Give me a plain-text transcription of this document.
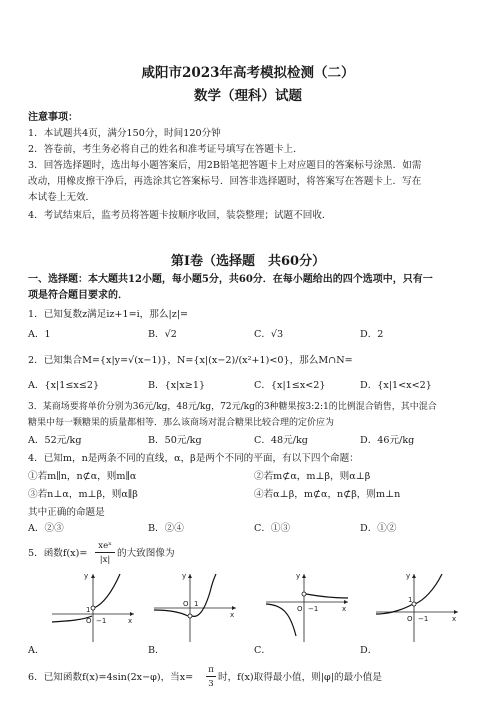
咸阳市2023年高考模拟检测（二）
数学（理科）试题
注意事项：
1．本试题共4页，满分150分，时间120分钟
2．答卷前，考生务必将自己的姓名和准考证号填写在答题卡上．
3．回答选择题时，选出每小题答案后，用2B铅笔把答题卡上对应题目的答案标号涂黑．如需
改动，用橡皮擦干净后，再选涂其它答案标号．回答非选择题时，将答案写在答题卡上．写在
本试卷上无效．
4．考试结束后，监考员将答题卡按顺序收回，装袋整理；试题不回收．
第Ⅰ卷（选择题　共60分）
一、选择题：本大题共12小题，每小题5分，共60分．在每小题给出的四个选项中，只有一
项是符合题目要求的．
1．已知复数z满足iz+1=i，那么|z|=
A．1	B．√2	C．√3	D．2
2．已知集合M={x|y=√(x−1)}，N={x|(x−2)/(x²+1)<0}，那么M∩N=
A．{x|1≤x≤2}	B．{x|x≥1}	C．{x|1≤x<2}	D．{x|1<x<2}
3．某商场要将单价分别为36元/kg，48元/kg，72元/kg的3种糖果按3:2:1的比例混合销售，其中混合
糖果中每一颗糖果的质量都相等．那么该商场对混合糖果比较合理的定价应为
A．52元/kg	B．50元/kg	C．48元/kg	D．46元/kg
4．已知m，n是两条不同的直线，α，β是两个不同的平面，有以下四个命题：
①若m∥n，n⊄α，则m∥α	②若m⊄α，m⊥β，则α⊥β
③若n⊥α，m⊥β，则α∥β	④若α⊥β，m⊄α，n⊄β，则m⊥n
其中正确的命题是
A．②③	B．②④	C．①③	D．①②
5．函数f(x)=
xeˣ
|x|
的大致图像为
y
x
1
O −1
A．
y
x
O 1
B．
y
x
O −1
C．
y
x
1
O −1
D．
6．已知函数f(x)=4sin(2x−φ)，当x=
π
3
时，f(x)取得最小值，则|φ|的最小值是
